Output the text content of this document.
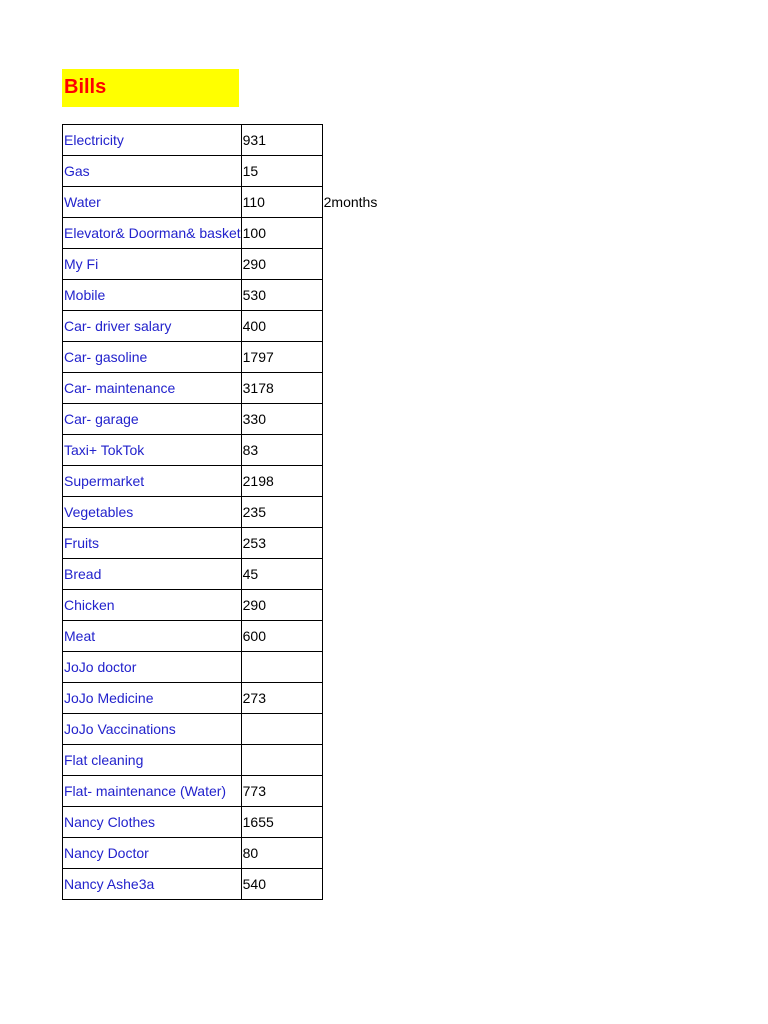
Bills
Electricity	931	
Gas	15	
Water	110	2months
Elevator& Doorman& basket	100	
My Fi	290	
Mobile	530	
Car- driver salary	400	
Car- gasoline	1797	
Car- maintenance	3178	
Car- garage	330	
Taxi+ TokTok	83	
Supermarket	2198	
Vegetables	235	
Fruits	253	
Bread	45	
Chicken	290	
Meat	600	
JoJo doctor		
JoJo Medicine	273	
JoJo Vaccinations		
Flat cleaning		
Flat- maintenance (Water)	773	
Nancy Clothes	1655	
Nancy Doctor	80	
Nancy Ashe3a	540	
